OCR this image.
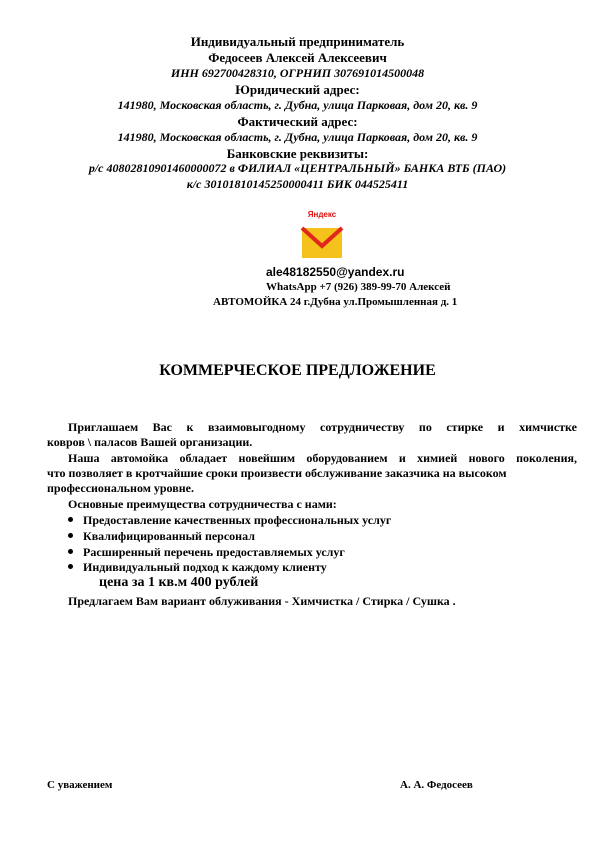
Индивидуальный предприниматель
Федосеев Алексей Алексеевич
ИНН 692700428310, ОГРНИП 307691014500048
Юридический адрес:
141980, Московская область, г. Дубна, улица Парковая, дом 20, кв. 9
Фактический адрес:
141980, Московская область, г. Дубна, улица Парковая, дом 20, кв. 9
Банковские реквизиты:
р/с 40802810901460000072 в ФИЛИАЛ «ЦЕНТРАЛЬНЫЙ» БАНКА ВТБ (ПАО)
к/с 30101810145250000411 БИК 044525411
Яндекс
ale48182550@yandex.ru
WhatsApp +7 (926) 389-99-70 Алексей
АВТОМОЙКА 24 г.Дубна ул.Промышленная д. 1
КОММЕРЧЕСКОЕ ПРЕДЛОЖЕНИЕ
Приглашаем Вас к взаимовыгодному сотрудничеству по стирке и химчистке
ковров \ паласов Вашей организации.
Наша автомойка обладает новейшим оборудованием и химией нового поколения,
что позволяет в кротчайшие сроки произвести обслуживание заказчика на высоком
профессиональном уровне.
Основные преимущества сотрудничества с нами:
Предоставление качественных профессиональных услуг
Квалифицированный персонал
Расширенный перечень предоставляемых услуг
Индивидуальный подход к каждому клиенту
цена за 1 кв.м 400 рублей
Предлагаем Вам вариант облуживания - Химчистка / Стирка / Сушка .
С уважением	А. А. Федосеев
